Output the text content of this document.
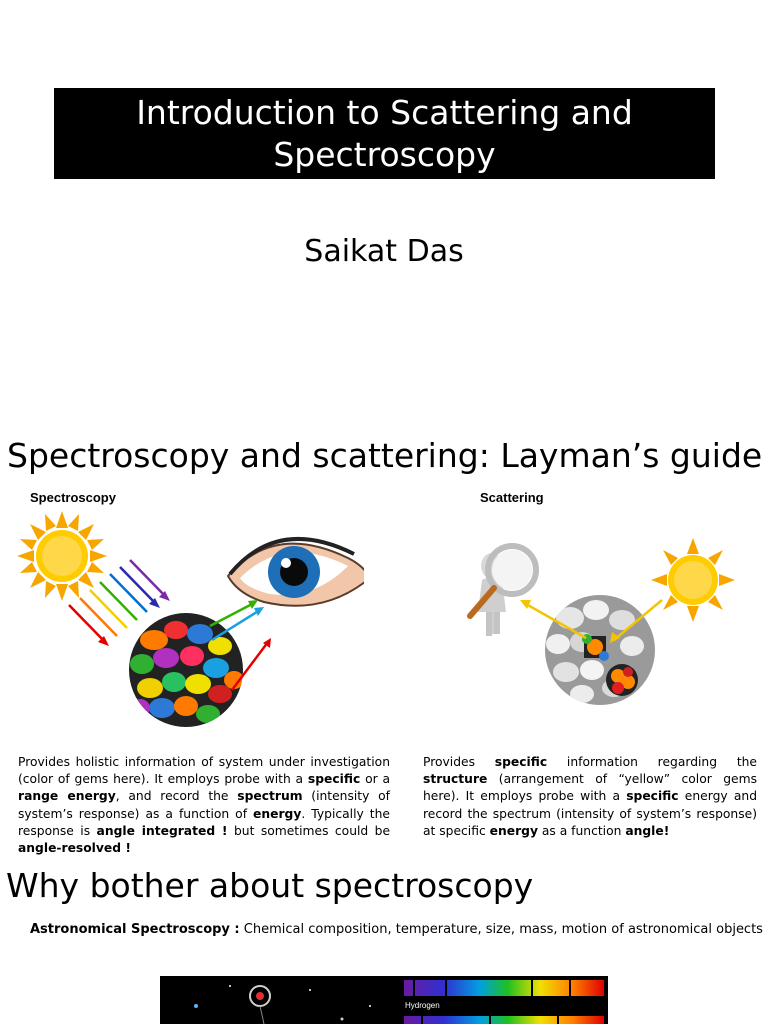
Introduction to Scattering and Spectroscopy
Saikat Das
Spectroscopy and scattering: Layman’s guide
Spectroscopy	Scattering
Provides holistic information of system under investigation (color of gems here). It employs probe with a specific or a range energy, and record the spectrum (intensity of system’s response) as a function of energy. Typically the response is angle integrated ! but sometimes could be angle-resolved !
Provides specific information regarding the structure (arrangement of “yellow” color gems here). It employs probe with a specific energy and record the spectrum (intensity of system’s response) at specific energy as a function angle!
Why bother about spectroscopy
Astronomical Spectroscopy : Chemical composition, temperature, size, mass, motion of astronomical objects
Hydrogen
